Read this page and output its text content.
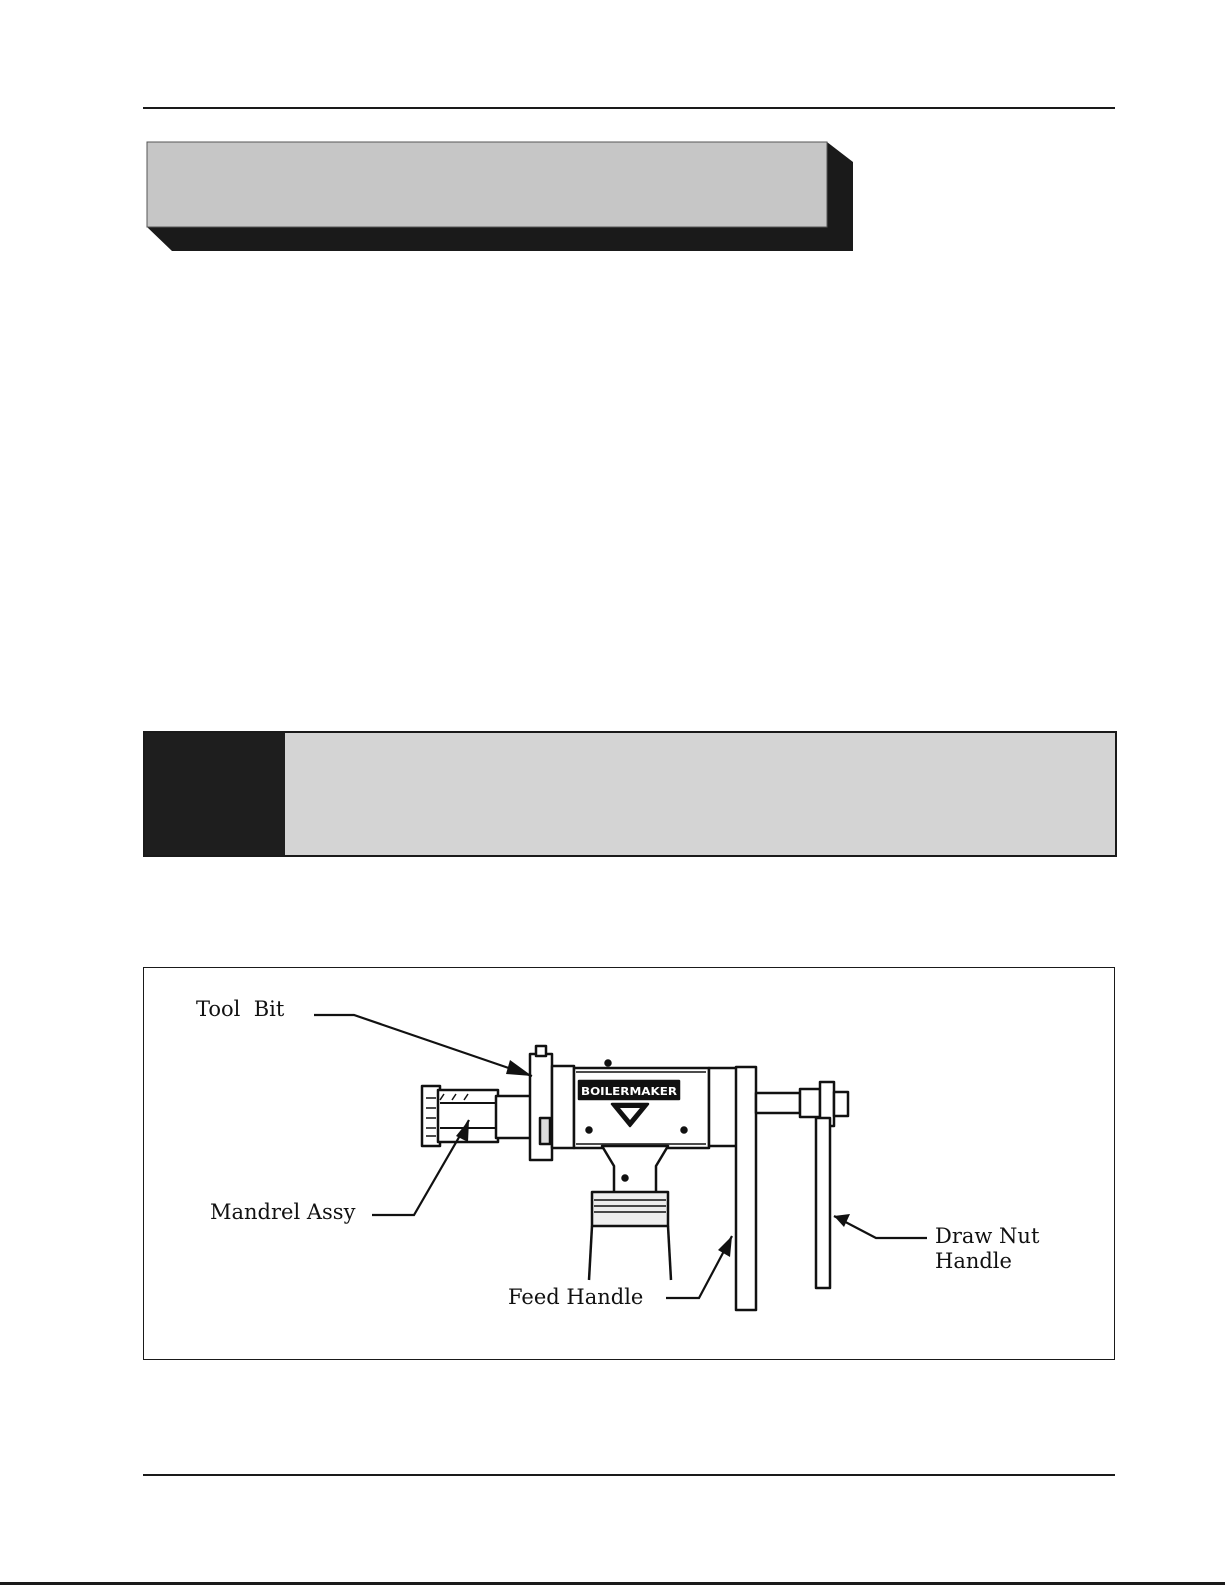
BOILERMAKER
Tool  Bit
Mandrel Assy
Feed Handle
Draw Nut
Handle
